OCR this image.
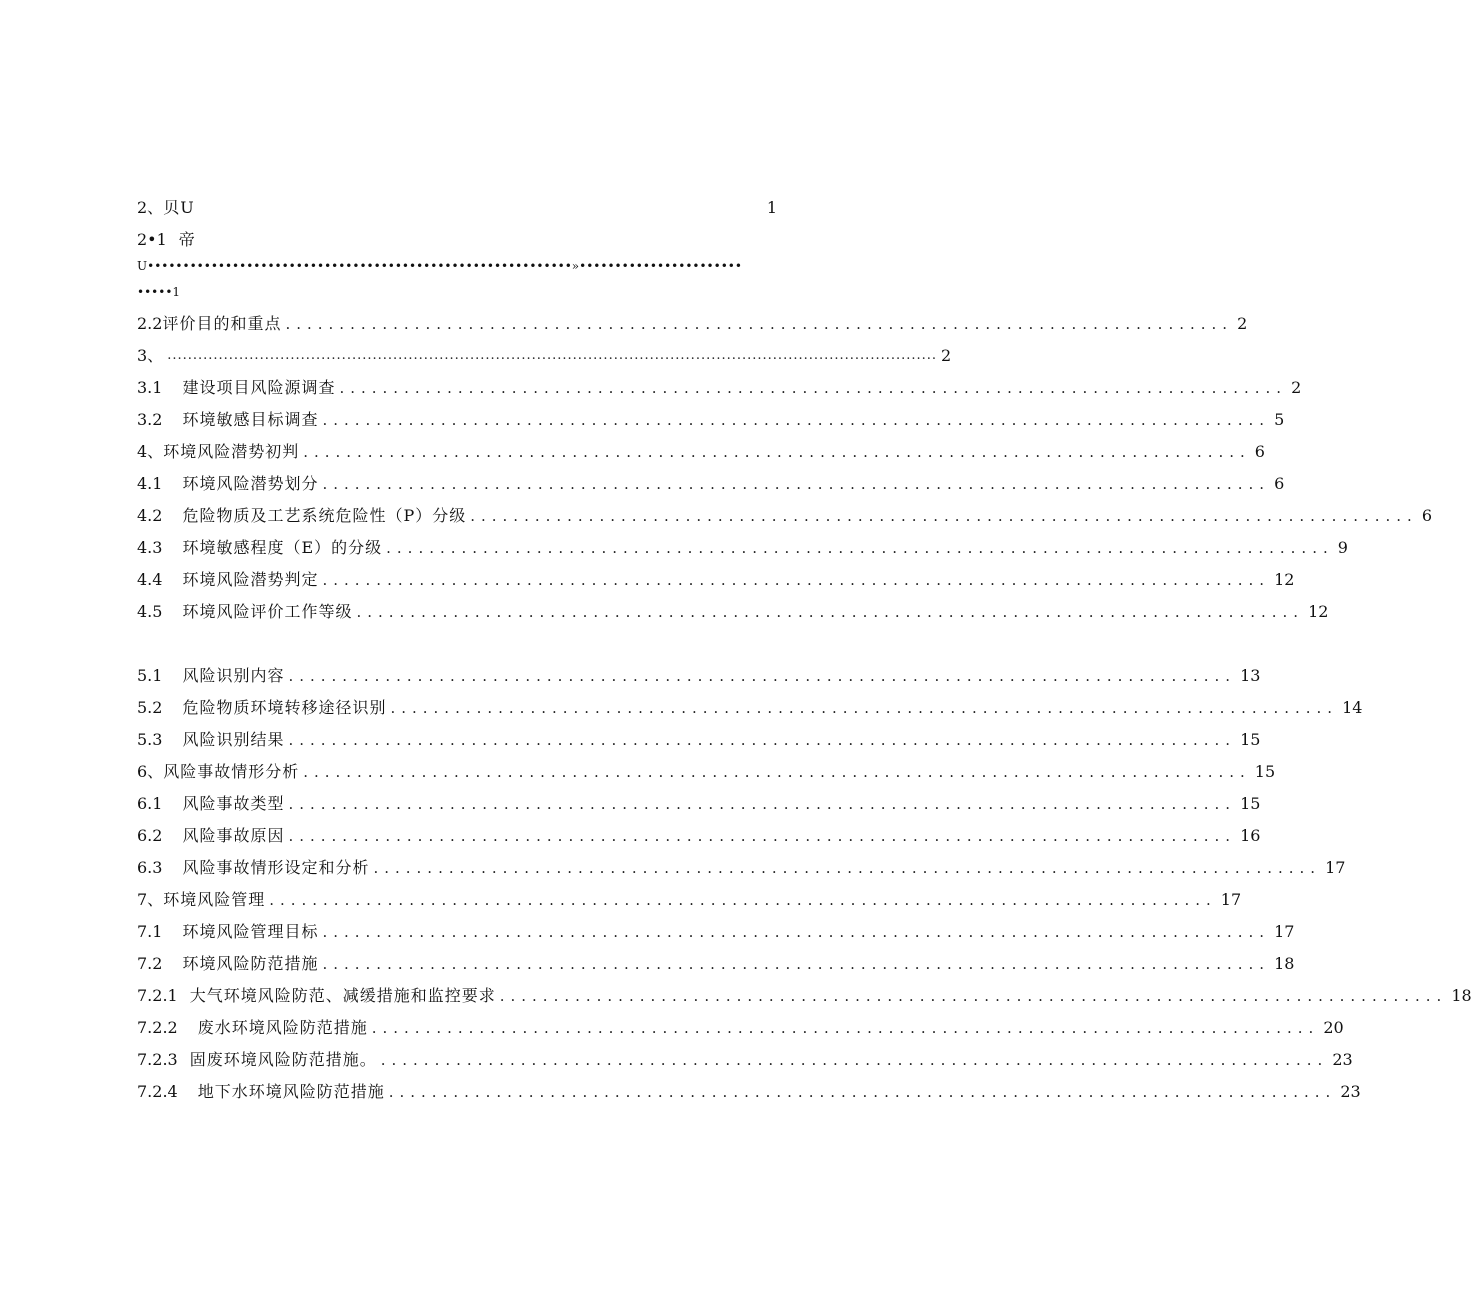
2、 贝U	1
2•1 帝
U••••••••••••••••••••••••••••••••••••••••••••••••••••••••••••»•••••••••••••••••••••••
•••••1
2.2 评价目的和重点 ........................................................................................ 2
3、 ...................................................................................................................................................... 2
3.1 建设项目风险源调查 ........................................................................................ 2
3.2 环境敏感目标调查 ........................................................................................ 5
4、 环境风险潜势初判 ........................................................................................ 6
4.1 环境风险潜势划分 ........................................................................................ 6
4.2 危险物质及工艺系统危险性（P）分级 ........................................................................................ 6
4.3 环境敏感程度（E）的分级 ........................................................................................ 9
4.4 环境风险潜势判定 ........................................................................................ 12
4.5 环境风险评价工作等级 ........................................................................................ 12
5.1 风险识别内容 ........................................................................................ 13
5.2 危险物质环境转移途径识别 ........................................................................................ 14
5.3 风险识别结果 ........................................................................................ 15
6、 风险事故情形分析 ........................................................................................ 15
6.1 风险事故类型 ........................................................................................ 15
6.2 风险事故原因 ........................................................................................ 16
6.3 风险事故情形设定和分析 ........................................................................................ 17
7、 环境风险管理 ........................................................................................ 17
7.1 环境风险管理目标 ........................................................................................ 17
7.2 环境风险防范措施 ........................................................................................ 18
7.2.1 大气环境风险防范、减缓措施和监控要求 ........................................................................................ 18
7.2.2 废水环境风险防范措施 ........................................................................................ 20
7.2.3 固废环境风险防范措施。 ........................................................................................ 23
7.2.4 地下水环境风险防范措施 ........................................................................................ 23
